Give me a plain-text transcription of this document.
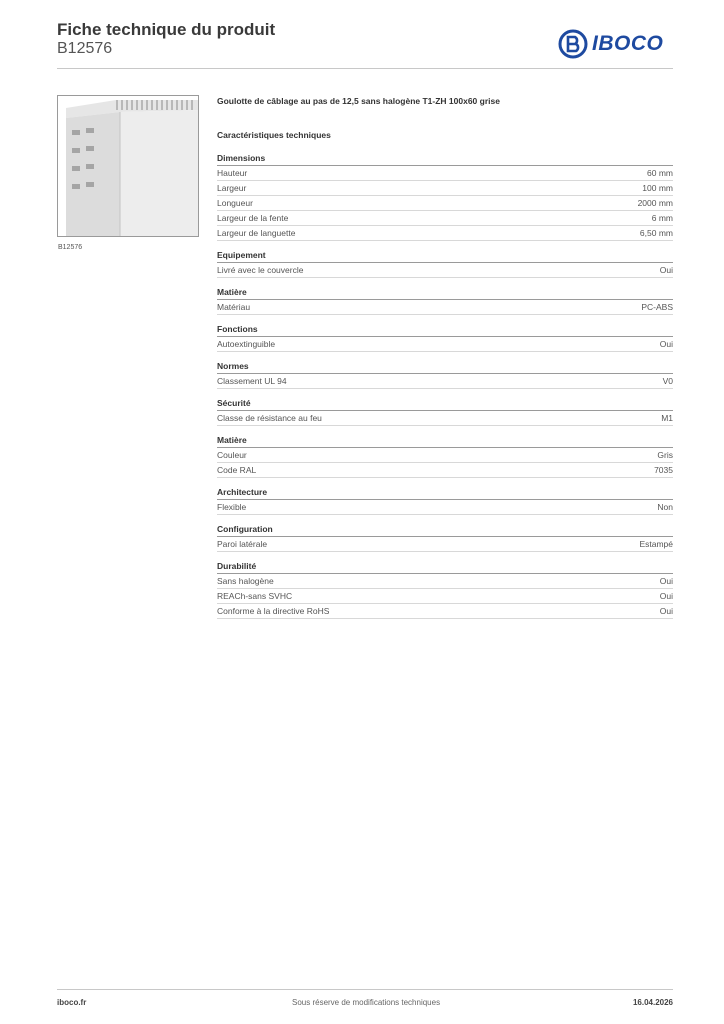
Fiche technique du produit
B12576	IBOCO
B12576
Goulotte de câblage au pas de 12,5 sans halogène T1-ZH 100x60 grise
Caractéristiques techniques
Dimensions
Hauteur	60 mm
Largeur	100 mm
Longueur	2000 mm
Largeur de la fente	6 mm
Largeur de languette	6,50 mm
Equipement
Livré avec le couvercle	Oui
Matière
Matériau	PC-ABS
Fonctions
Autoextinguible	Oui
Normes
Classement UL 94	V0
Sécurité
Classe de résistance au feu	M1
Matière
Couleur	Gris
Code RAL	7035
Architecture
Flexible	Non
Configuration
Paroi latérale	Estampé
Durabilité
Sans halogène	Oui
REACh-sans SVHC	Oui
Conforme à la directive RoHS	Oui
iboco.fr	Sous réserve de modifications techniques	16.04.2026
